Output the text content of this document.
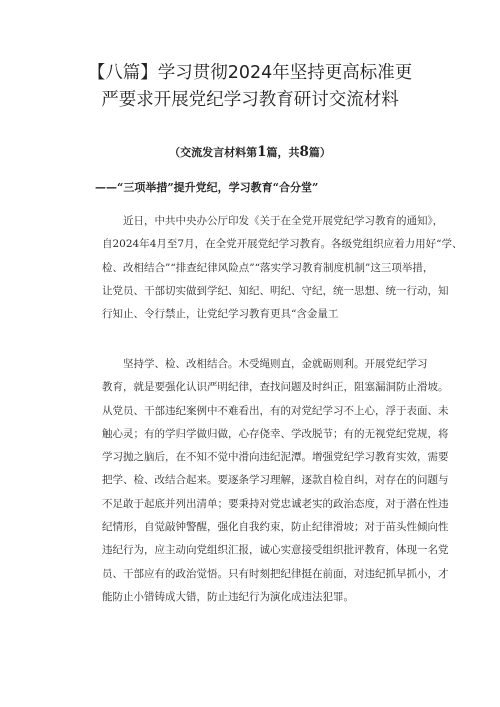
【八篇】学习贯彻2024年坚持更高标准更
严要求开展党纪学习教育研讨交流材料
（交流发言材料第1篇，共8篇）
——“三项举措”提升党纪，学习教育“合分堂”
近日，中共中央办公厅印发《关于在全党开展党纪学习教育的通知》，
自2024年4月至7月，在全党开展党纪学习教育。各级党组织应着力用好“学、
检、改相结合”“排查纪律风险点”“落实学习教育制度机制”这三项举措，
让党员、干部切实做到学纪、知纪、明纪、守纪，统一思想、统一行动，知
行知止、令行禁止，让党纪学习教育更具“含金量工
坚持学、检、改相结合。木受绳则直，金就砺则利。开展党纪学习
教育，就是要强化认识严明纪律，查找问题及时纠正，阻塞漏洞防止滑坡。
从党员、干部违纪案例中不难看出，有的对党纪学习不上心，浮于表面、未
触心灵；有的学归学做归做，心存侥幸、学改脱节；有的无视党纪党规，将
学习抛之脑后，在不知不觉中滑向违纪泥潭。增强党纪学习教育实效，需要
把学、检、改结合起来。要逐条学习理解，逐款自检自纠，对存在的问题与
不足敢于起底并列出清单；要秉持对党忠诚老实的政治态度，对于潜在性违
纪情形，自觉敲钟警醒，强化自我约束，防止纪律滑坡；对于苗头性倾向性
违纪行为，应主动向党组织汇报，诚心实意接受组织批评教育，体现一名党
员、干部应有的政治觉悟。只有时刻把纪律挺在前面，对违纪抓早抓小，才
能防止小错铸成大错，防止违纪行为演化成违法犯罪。
